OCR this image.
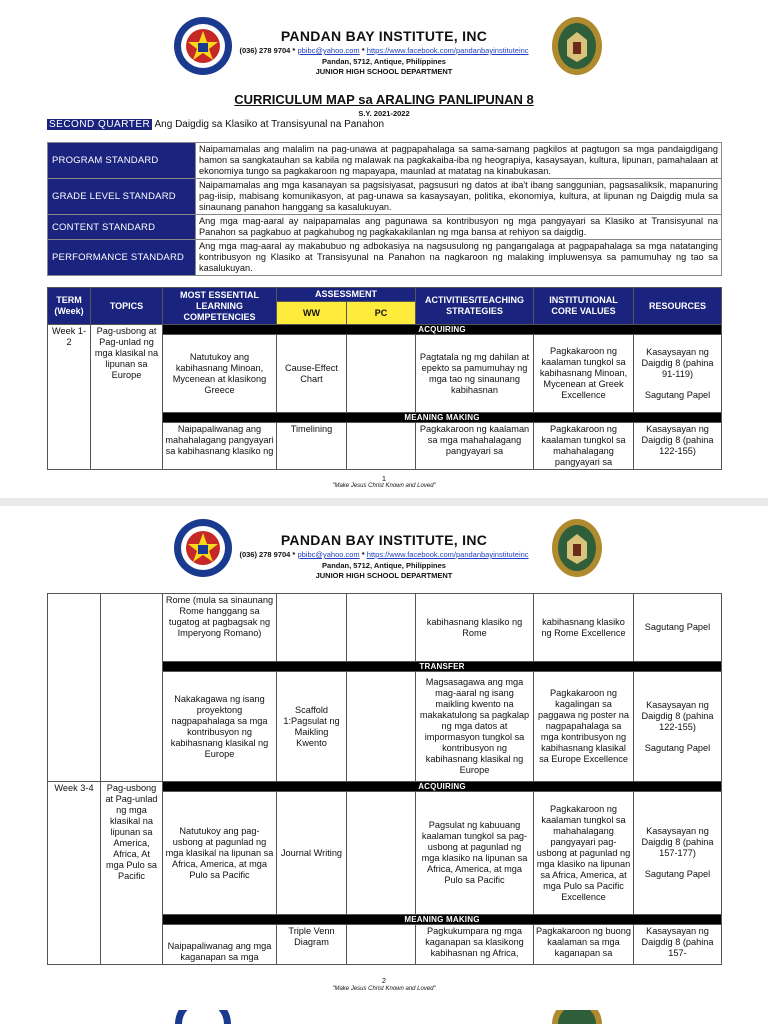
PANDAN BAY INSTITUTE, INC
(036) 278 9704 * pbibc@yahoo.com * https://www.facebook.com/pandanbayinstituteinc
Pandan, 5712, Antique, Philippines
JUNIOR HIGH SCHOOL DEPARTMENT
CURRICULUM MAP sa ARALING PANLIPUNAN 8
S.Y. 2021-2022
SECOND QUARTER Ang Daigdig sa Klasiko at Transisyunal na Panahon
PROGRAM STANDARD	Naipamamalas ang malalim na pag-unawa at pagpapahalaga sa sama-samang pagkilos at pagtugon sa mga pandaigdigang hamon sa sangkatauhan sa kabila ng malawak na pagkakaiba-iba ng heograpiya, kasaysayan, kultura, lipunan, pamahalaan at ekonomiya tungo sa pagkakaroon ng mapayapa, maunlad at matatag na kinabukasan.
GRADE LEVEL STANDARD	Naipamamalas ang mga kasanayan sa pagsisiyasat, pagsusuri ng datos at iba't ibang sanggunian, pagsasaliksik, mapanuring pag-iisip, mabisang komunikasyon, at pag-unawa sa kasaysayan, politika, ekonomiya, kultura, at lipunan ng Daigdig mula sa sinaunang panahon hanggang sa kasalukuyan.
CONTENT STANDARD	Ang mga mag-aaral ay naipapamalas ang pagunawa sa kontribusyon ng mga pangyayari sa Klasiko at Transisyunal na Panahon sa pagkabuo at pagkahubog ng pagkakakilanlan ng mga bansa at rehiyon sa daigdig.
PERFORMANCE STANDARD	Ang mga mag-aaral ay makabubuo ng adbokasiya na nagsusulong ng pangangalaga at pagpapahalaga sa mga natatanging kontribusyon ng Klasiko at Transisyunal na Panahon na nagkaroon ng malaking impluwensya sa pamumuhay ng tao sa kasalukuyan.
TERM (Week)	TOPICS	MOST ESSENTIAL LEARNING COMPETENCIES	ASSESSMENT		ACTIVITIES/TEACHING STRATEGIES	INSTITUTIONAL CORE VALUES	RESOURCES
			WW	PC			
Week 1-2	Pag-usbong at Pag-unlad ng mga klasikal na lipunan sa Europe	ACQUIRING					
		Natutukoy ang kabihasnang Minoan, Mycenean at klasikong Greece	Cause-Effect Chart		Pagtatala ng mg dahilan at epekto sa pamumuhay ng mga tao ng sinaunang kabihasnan	Pagkakaroon ng kaalaman tungkol sa kabihasnang Minoan, Mycenean at Greek Excellence	Kasaysayan ng Daigdig 8 (pahina 91-119)
Sagutang Papel

		MEANING MAKING					
		Naipapaliwanag ang mahahalagang pangyayari sa kabihasnang klasiko ng	Timelining		Pagkakaroon ng kaalaman sa mga mahahalagang pangyayari sa	Pagkakaroon ng kaalaman tungkol sa mahahalagang pangyayari sa	Kasaysayan ng Daigdig 8 (pahina 122-155)
1
"Make Jesus Christ Known and Loved"
PANDAN BAY INSTITUTE, INC
(036) 278 9704 * pbibc@yahoo.com * https://www.facebook.com/pandanbayinstituteinc
Pandan, 5712, Antique, Philippines
JUNIOR HIGH SCHOOL DEPARTMENT
		Rome (mula sa sinaunang Rome hanggang sa tugatog at pagbagsak ng Imperyong Romano)			kabihasnang klasiko ng Rome	kabihasnang klasiko ng Rome Excellence	Sagutang Papel
		TRANSFER					
		Nakakagawa ng isang proyektong nagpapahalaga sa mga kontribusyon ng kabihasnang klasikal ng Europe	Scaffold 1:Pagsulat ng Maikling Kwento		Magsasagawa ang mga mag-aaral ng isang maikling kwento na makakatulong sa pagkalap ng mga datos at impormasyon tungkol sa kontribusyon ng kabihasnang klasikal ng Europe	Pagkakaroon ng kagalingan sa paggawa ng poster na nagpapahalaga sa mga kontribusyon ng kabihasnang klasikal sa Europe Excellence	Kasaysayan ng Daigdig 8 (pahina 122-155)
Sagutang Papel

Week 3-4	Pag-usbong at Pag-unlad ng mga klasikal na lipunan sa America, Africa, At mga Pulo sa Pacific	ACQUIRING					
		Natutukoy ang pag-usbong at pagunlad ng mga klasikal na lipunan sa Africa, America, at mga Pulo sa Pacific	Journal Writing		Pagsulat ng kabuuang kaalaman tungkol sa pag- usbong at pagunlad ng mga klasiko na lipunan sa Africa, America, at mga Pulo sa Pacific	Pagkakaroon ng kaalaman tungkol sa mahahalagang pangyayari pag-usbong at pagunlad ng mga klasiko na lipunan sa Africa, America, at mga Pulo sa Pacific Excellence	Kasaysayan ng Daigdig 8 (pahina 157-177)
Sagutang Papel

		MEANING MAKING					
		Naipapaliwanag ang mga kaganapan sa mga	Triple Venn Diagram		Pagkukumpara ng mga kaganapan sa klasikong kabihasnan ng Africa,	Pagkakaroon ng buong kaalaman sa mga kaganapan sa	Kasaysayan ng Daigdig 8 (pahina 157-
2
"Make Jesus Christ Known and Loved"
